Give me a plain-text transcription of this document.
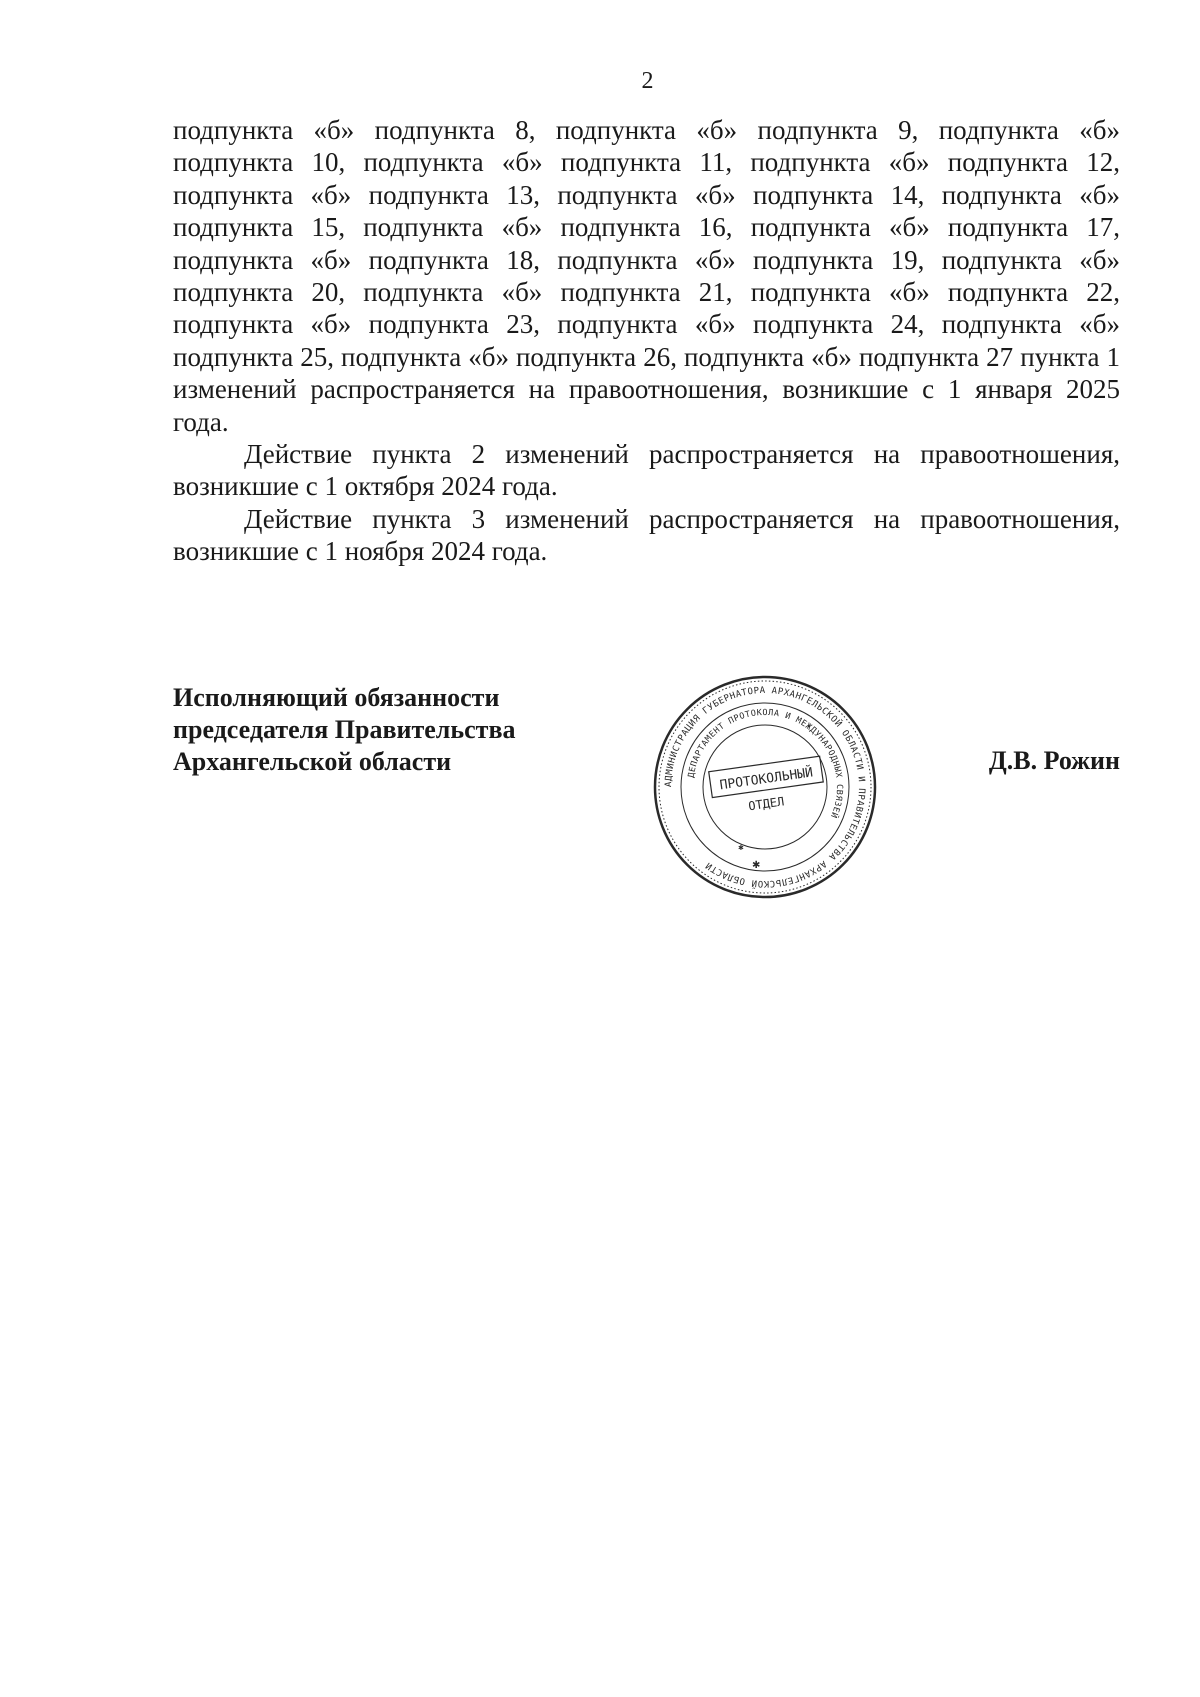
2

подпункта «б» подпункта 8, подпункта «б» подпункта 9, подпункта «б» подпункта 10, подпункта «б» подпункта 11, подпункта «б» подпункта 12, подпункта «б» подпункта 13, подпункта «б» подпункта 14, подпункта «б» подпункта 15, подпункта «б» подпункта 16, подпункта «б» подпункта 17, подпункта «б» подпункта 18, подпункта «б» подпункта 19, подпункта «б» подпункта 20, подпункта «б» подпункта 21, подпункта «б» подпункта 22, подпункта «б» подпункта 23, подпункта «б» подпункта 24, подпункта «б» подпункта 25, подпункта «б» подпункта 26, подпункта «б» подпункта 27 пункта 1 изменений распространяется на правоотношения, возникшие с 1 января 2025 года.

Действие пункта 2 изменений распространяется на правоотношения, возникшие с 1 октября 2024 года.

Действие пункта 3 изменений распространяется на правоотношения, возникшие с 1 ноября 2024 года.

Исполняющий обязанности
председателя Правительства
Архангельской области
АДМИНИСТРАЦИЯ ГУБЕРНАТОРА АРХАНГЕЛЬСКОЙ ОБЛАСТИ И ПРАВИТЕЛЬСТВА АРХАНГЕЛЬСКОЙ ОБЛАСТИ
ДЕПАРТАМЕНТ ПРОТОКОЛА И МЕЖДУНАРОДНЫХ СВЯЗЕЙ
ПРОТОКОЛЬНЫЙ
ОТДЕЛ
✱
✱
Д.В. Рожин
